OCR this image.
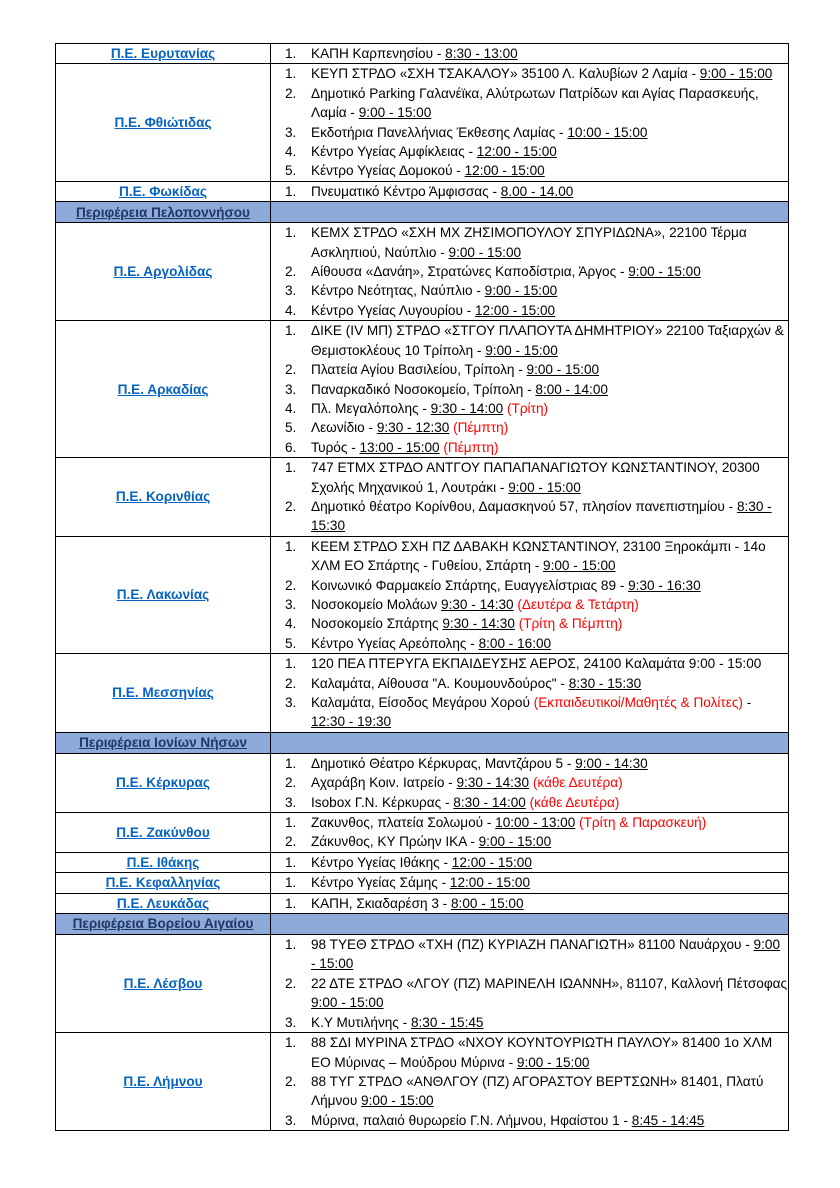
Π.Ε. Ευρυτανίας	1. ΚΑΠΗ Καρπενησίου - 8:30 - 13:00

Π.Ε. Φθιώτιδας	
1.	ΚΕΥΠ ΣΤΡΔΟ «ΣΧΗ ΤΣΑΚΑΛΟΥ» 35100 Λ. Καλυβίων 2 Λαμία - 9:00 - 15:00
2.	Δημοτικό Parking Γαλανέϊκα, Αλύτρωτων Πατρίδων και Αγίας Παρασκευής, Λαμία - 9:00 - 15:00
3.	Εκδοτήρια Πανελλήνιας Έκθεσης Λαμίας - 10:00 - 15:00
4.	Κέντρο Υγείας Αμφίκλειας - 12:00 - 15:00
5.	Κέντρο Υγείας Δομοκού - 12:00 - 15:00

Π.Ε. Φωκίδας	1. Πνευματικό Κέντρο Άμφισσας - 8.00 - 14.00

Περιφέρεια Πελοποννήσου	
Π.Ε. Αργολίδας	
1.	ΚΕΜΧ ΣΤΡΔΟ «ΣΧΗ ΜΧ ΖΗΣΙΜΟΠΟΥΛΟΥ ΣΠΥΡΙΔΩΝΑ», 22100 Τέρμα Ασκληπιού, Ναύπλιο - 9:00 - 15:00
2.	Αίθουσα «Δανάη», Στρατώνες Καποδίστρια, Άργος - 9:00 - 15:00
3.	Κέντρο Νεότητας, Ναύπλιο - 9:00 - 15:00
4.	Κέντρο Υγείας Λυγουρίου - 12:00 - 15:00

Π.Ε. Αρκαδίας	
1.	ΔΙΚΕ (IV ΜΠ) ΣΤΡΔΟ «ΣΤΓΟΥ ΠΛΑΠΟΥΤΑ ΔΗΜΗΤΡΙΟΥ» 22100 Ταξιαρχών & Θεμιστοκλέους 10 Τρίπολη - 9:00 - 15:00
2.	Πλατεία Αγίου Βασιλείου, Τρίπολη - 9:00 - 15:00
3.	Παναρκαδικό Νοσοκομείο, Τρίπολη - 8:00 - 14:00
4.	Πλ. Μεγαλόπολης - 9:30 - 14:00 (Τρίτη)
5.	Λεωνίδιο - 9:30 - 12:30 (Πέμπτη)
6.	Τυρός - 13:00 - 15:00 (Πέμπτη)

Π.Ε. Κορινθίας	1. 747 ΕΤΜΧ ΣΤΡΔΟ ΑΝΤΓΟΥ ΠΑΠΑΠΑΝΑΓΙΩΤΟΥ ΚΩΝΣΤΑΝΤΙΝΟΥ, 20300 Σχολής Μηχανικού 1, Λουτράκι - 9:00 - 15:00
2. Δημοτικό θέατρο Κορίνθου, Δαμασκηνού 57, πλησίον πανεπιστημίου - 8:30 - 15:30

Π.Ε. Λακωνίας	
1.	ΚΕΕΜ ΣΤΡΔΟ ΣΧΗ ΠΖ ΔΑΒΑΚΗ ΚΩΝΣΤΑΝΤΙΝΟΥ, 23100 Ξηροκάμπι - 14ο ΧΛΜ ΕΟ Σπάρτης - Γυθείου, Σπάρτη - 9:00 - 15:00
2.	Κοινωνικό Φαρμακείο Σπάρτης, Ευαγγελίστριας 89 - 9:30 - 16:30
3.	Νοσοκομείο Μολάων 9:30 - 14:30 (Δευτέρα & Τετάρτη)
4.	Νοσοκομείο Σπάρτης 9:30 - 14:30 (Τρίτη & Πέμπτη)
5.	Κέντρο Υγείας Αρεόπολης - 8:00 - 16:00

Π.Ε. Μεσσηνίας	
1.	120 ΠΕΑ ΠΤΕΡΥΓΑ ΕΚΠΑΙΔΕΥΣΗΣ ΑΕΡΟΣ, 24100 Καλαμάτα 9:00 - 15:00
2.	Καλαμάτα, Αίθουσα "Α. Κουμουνδούρος" - 8:30 - 15:30
3.	Καλαμάτα, Είσοδος Μεγάρου Χορού (Εκπαιδευτικοί/Μαθητές & Πολίτες) - 12:30 - 19:30

Περιφέρεια Ιονίων Νήσων	
Π.Ε. Κέρκυρας	
1.	Δημοτικό Θέατρο Κέρκυρας, Μαντζάρου 5 - 9:00 - 14:30
2.	Αχαράβη Κοιν. Ιατρείο - 9:30 - 14:30 (κάθε Δευτέρα)
3.	Isobox Γ.Ν. Κέρκυρας - 8:30 - 14:00 (κάθε Δευτέρα)

Π.Ε. Ζακύνθου	1. Ζακυνθος, πλατεία Σολωμού - 10:00 - 13:00 (Τρίτη & Παρασκευή)
2. Ζάκυνθος, ΚΥ Πρώην ΙΚΑ - 9:00 - 15:00

Π.Ε. Ιθάκης	1. Κέντρο Υγείας Ιθάκης - 12:00 - 15:00

Π.Ε. Κεφαλληνίας	1. Κέντρο Υγείας Σάμης - 12:00 - 15:00

Π.Ε. Λευκάδας	1. ΚΑΠΗ, Σκιαδαρέση 3 - 8:00 - 15:00

Περιφέρεια Βορείου Αιγαίου	
Π.Ε. Λέσβου	
1.	98 ΤΥΕΘ ΣΤΡΔΟ «ΤΧΗ (ΠΖ) ΚΥΡΙΑΖΗ ΠΑΝΑΓΙΩΤΗ» 81100 Ναυάρχου - 9:00 - 15:00
2.	22 ΔΤΕ ΣΤΡΔΟ «ΛΓΟΥ (ΠΖ) ΜΑΡΙΝΕΛΗ ΙΩΑΝΝΗ», 81107, Καλλονή Πέτσοφας 9:00 - 15:00
3.	Κ.Υ Μυτιλήνης - 8:30 - 15:45

Π.Ε. Λήμνου	
1.	88 ΣΔΙ ΜΥΡΙΝΑ ΣΤΡΔΟ «ΝΧΟΥ ΚΟΥΝΤΟΥΡΙΩΤΗ ΠΑΥΛΟΥ» 81400 1ο ΧΛΜ ΕΟ Μύρινας – Μούδρου Μύρινα - 9:00 - 15:00
2.	88 ΤΥΓ ΣΤΡΔΟ «ΑΝΘΛΓΟΥ (ΠΖ) ΑΓΟΡΑΣΤΟΥ ΒΕΡΤΣΩΝΗ» 81401, Πλατύ Λήμνου 9:00 - 15:00
3.	Μύρινα, παλαιό θυρωρείο Γ.Ν. Λήμνου, Ηφαίστου 1 - 8:45 - 14:45
